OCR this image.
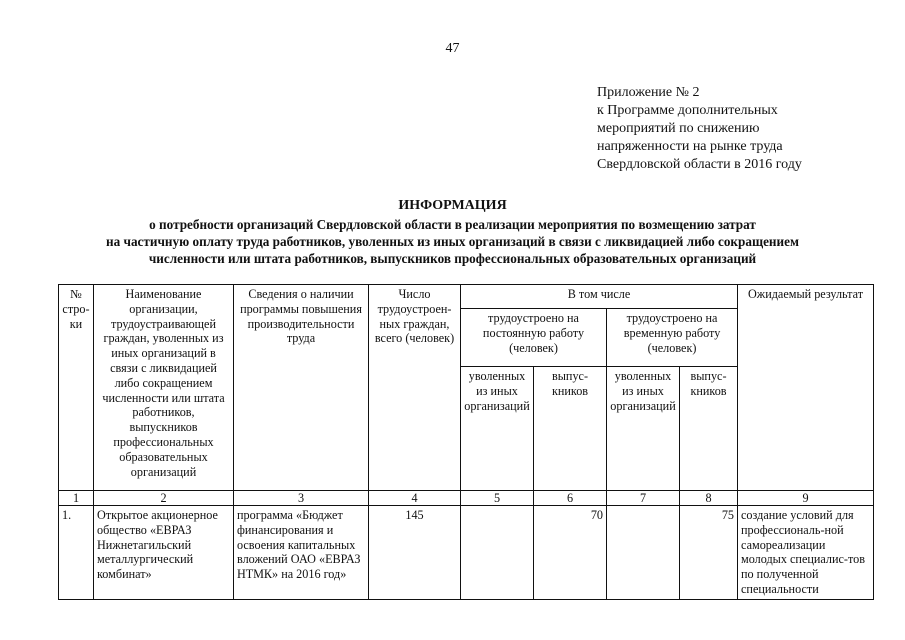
47
Приложение № 2
к Программе дополнительных
мероприятий по снижению
напряженности на рынке труда
Свердловской области в 2016 году
ИНФОРМАЦИЯ
о потребности организаций Свердловской области в реализации мероприятия по возмещению затрат
на частичную оплату труда работников, уволенных из иных организаций в связи с ликвидацией либо сокращением
численности или штата работников, выпускников профессиональных образовательных организаций
№ стро-ки	Наименование организации, трудоустраивающей граждан, уволенных из иных организаций в связи с ликвидацией либо сокращением численности или штата работников, выпускников профессиональных образовательных организаций	Сведения о наличии программы повышения производительности труда	Число трудоустроен-ных граждан, всего (человек)	В том числе				Ожидаемый результат
				трудоустроено на постоянную работу (человек)		трудоустроено на временную работу (человек)		
				уволенных из иных организаций	выпус-кников	уволенных из иных организаций	выпус-кников	
1	2	3	4	5	6	7	8	9
1.	Открытое акционерное общество «ЕВРАЗ Нижнетагильский металлургический комбинат»	программа «Бюджет финансирования и освоения капитальных вложений ОАО «ЕВРАЗ НТМК» на 2016 год»	145		70		75	создание условий для профессиональ-ной самореализации молодых специалис-тов по полученной специальности
